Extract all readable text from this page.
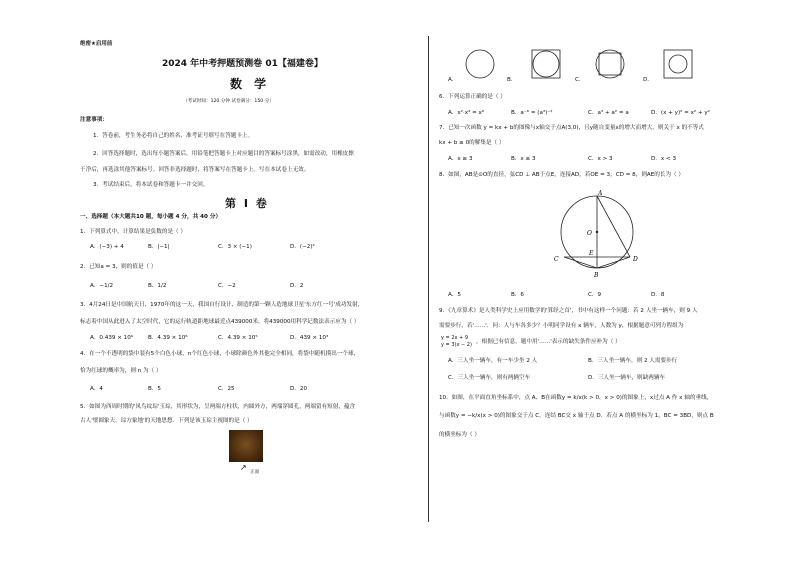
绝密★启用前
2024 年中考押题预测卷 01【福建卷】
数 学
（考试时间：120 分钟 试卷满分：150 分）
注意事项：
1．答卷前，考生务必将自己的姓名、准考证号填写在答题卡上。
2．回答选择题时，选出每小题答案后，用铅笔把答题卡上对应题目的答案标号涂黑，如需改动，用橡皮擦
干净后，再选涂其他答案标号。回答非选择题时，将答案写在答题卡上。写在本试卷上无效。
3．考试结束后，将本试卷和答题卡一并交回。
第 Ⅰ 卷
一、选择题（本大题共10 题，每小题 4 分，共 40 分）
1．下列算式中，计算结果是负数的是（ ）
A．(−3) + 4	B．|−1|	C．3 × (−1)	D．(−2)²
2．已知a = 3，则的值是（ ）
A．−1/2	B．1/2	C．−2	D．2
3．4月24日是中国航天日，1970年的这一天，我国自行设计、制造的第一颗人造地球卫星'东方红一号'成功发射，
标志着中国从此进入了太空时代，它的运行轨道距地球最近点439000米，将439000用科学记数法表示应为（ ）
A．0.439 × 10⁶	B．4.39 × 10⁶	C．4.39 × 10⁵	D．439 × 10³
4．在一个不透明的袋中装有5个白色小球，n个红色小球，小球除颜色外其他完全相同，将袋中随机摸出一个球，
恰为红球的概率为，则 n 为（ ）
A．4	B．5	C．25	D．20
5．如图为西周时期的'凤鸟纹琮'玉琮，其形状为，呈两端方柱状，内圆外方，两端穿圆孔，两端留有短射，蕴含
古人'璧圆象天，琮方象地'的天地思想．下列是该玉琮主视图的是（ ）
↗
正面
A．	B．	C．	D．
6．下列运算正确的是（ ）
A．x²·x³ = x⁶	B．a⁻⁶ = (a³)⁻²	C．a³ + a² = a	D．(x + y)² = x² + y²
7．已知一次函数 y = kx + b的图像与x轴交于点A(3,0)，且y随自变量x的增大而增大，则关于 x 的不等式
kx + b ≥ 0的解集是（ ）
A．x ≥ 3	B．x ≤ 3	C．x > 3	D．x < 3
8．如图，AB是⊙O的直径，弦CD ⊥ AB于点E，连接AD，若OE = 3，CD = 8，则AE的长为（ ）
A
O
E
C	D
B
A．5	B．6	C．9	D．8
9．《九章算术》是人类科学史上应用数学的'算经之首'，书中有这样一个问题：若 2 人坐一辆车，则 9 人
需要步行，若'……'．问：人与车各多少？小明同学设有 x 辆车，人数为 y，根据题意可列方程组为
y = 2x + 9
y = 3(x − 2) ，根据已有信息，题中用'……'表示的缺失条件应补为（ ）
A．三人坐一辆车，有一车少坐 2 人	B．三人坐一辆车，则 2 人需要步行
C．三人坐一辆车，则有两辆空车	D．三人坐一辆车，则缺两辆车
10．如图，在平面直角坐标系中，点 A、B在函数y = k/x(k > 0，x > 0)的图象上，x过点 A 作 x 轴的垂线，
与函数y = −k/x(x > 0)的图象交于点 C，连结 BC交 x 轴于点 D．若点 A 的横坐标为 1，BC = 3BD，则点 B
的横坐标为（ ）
